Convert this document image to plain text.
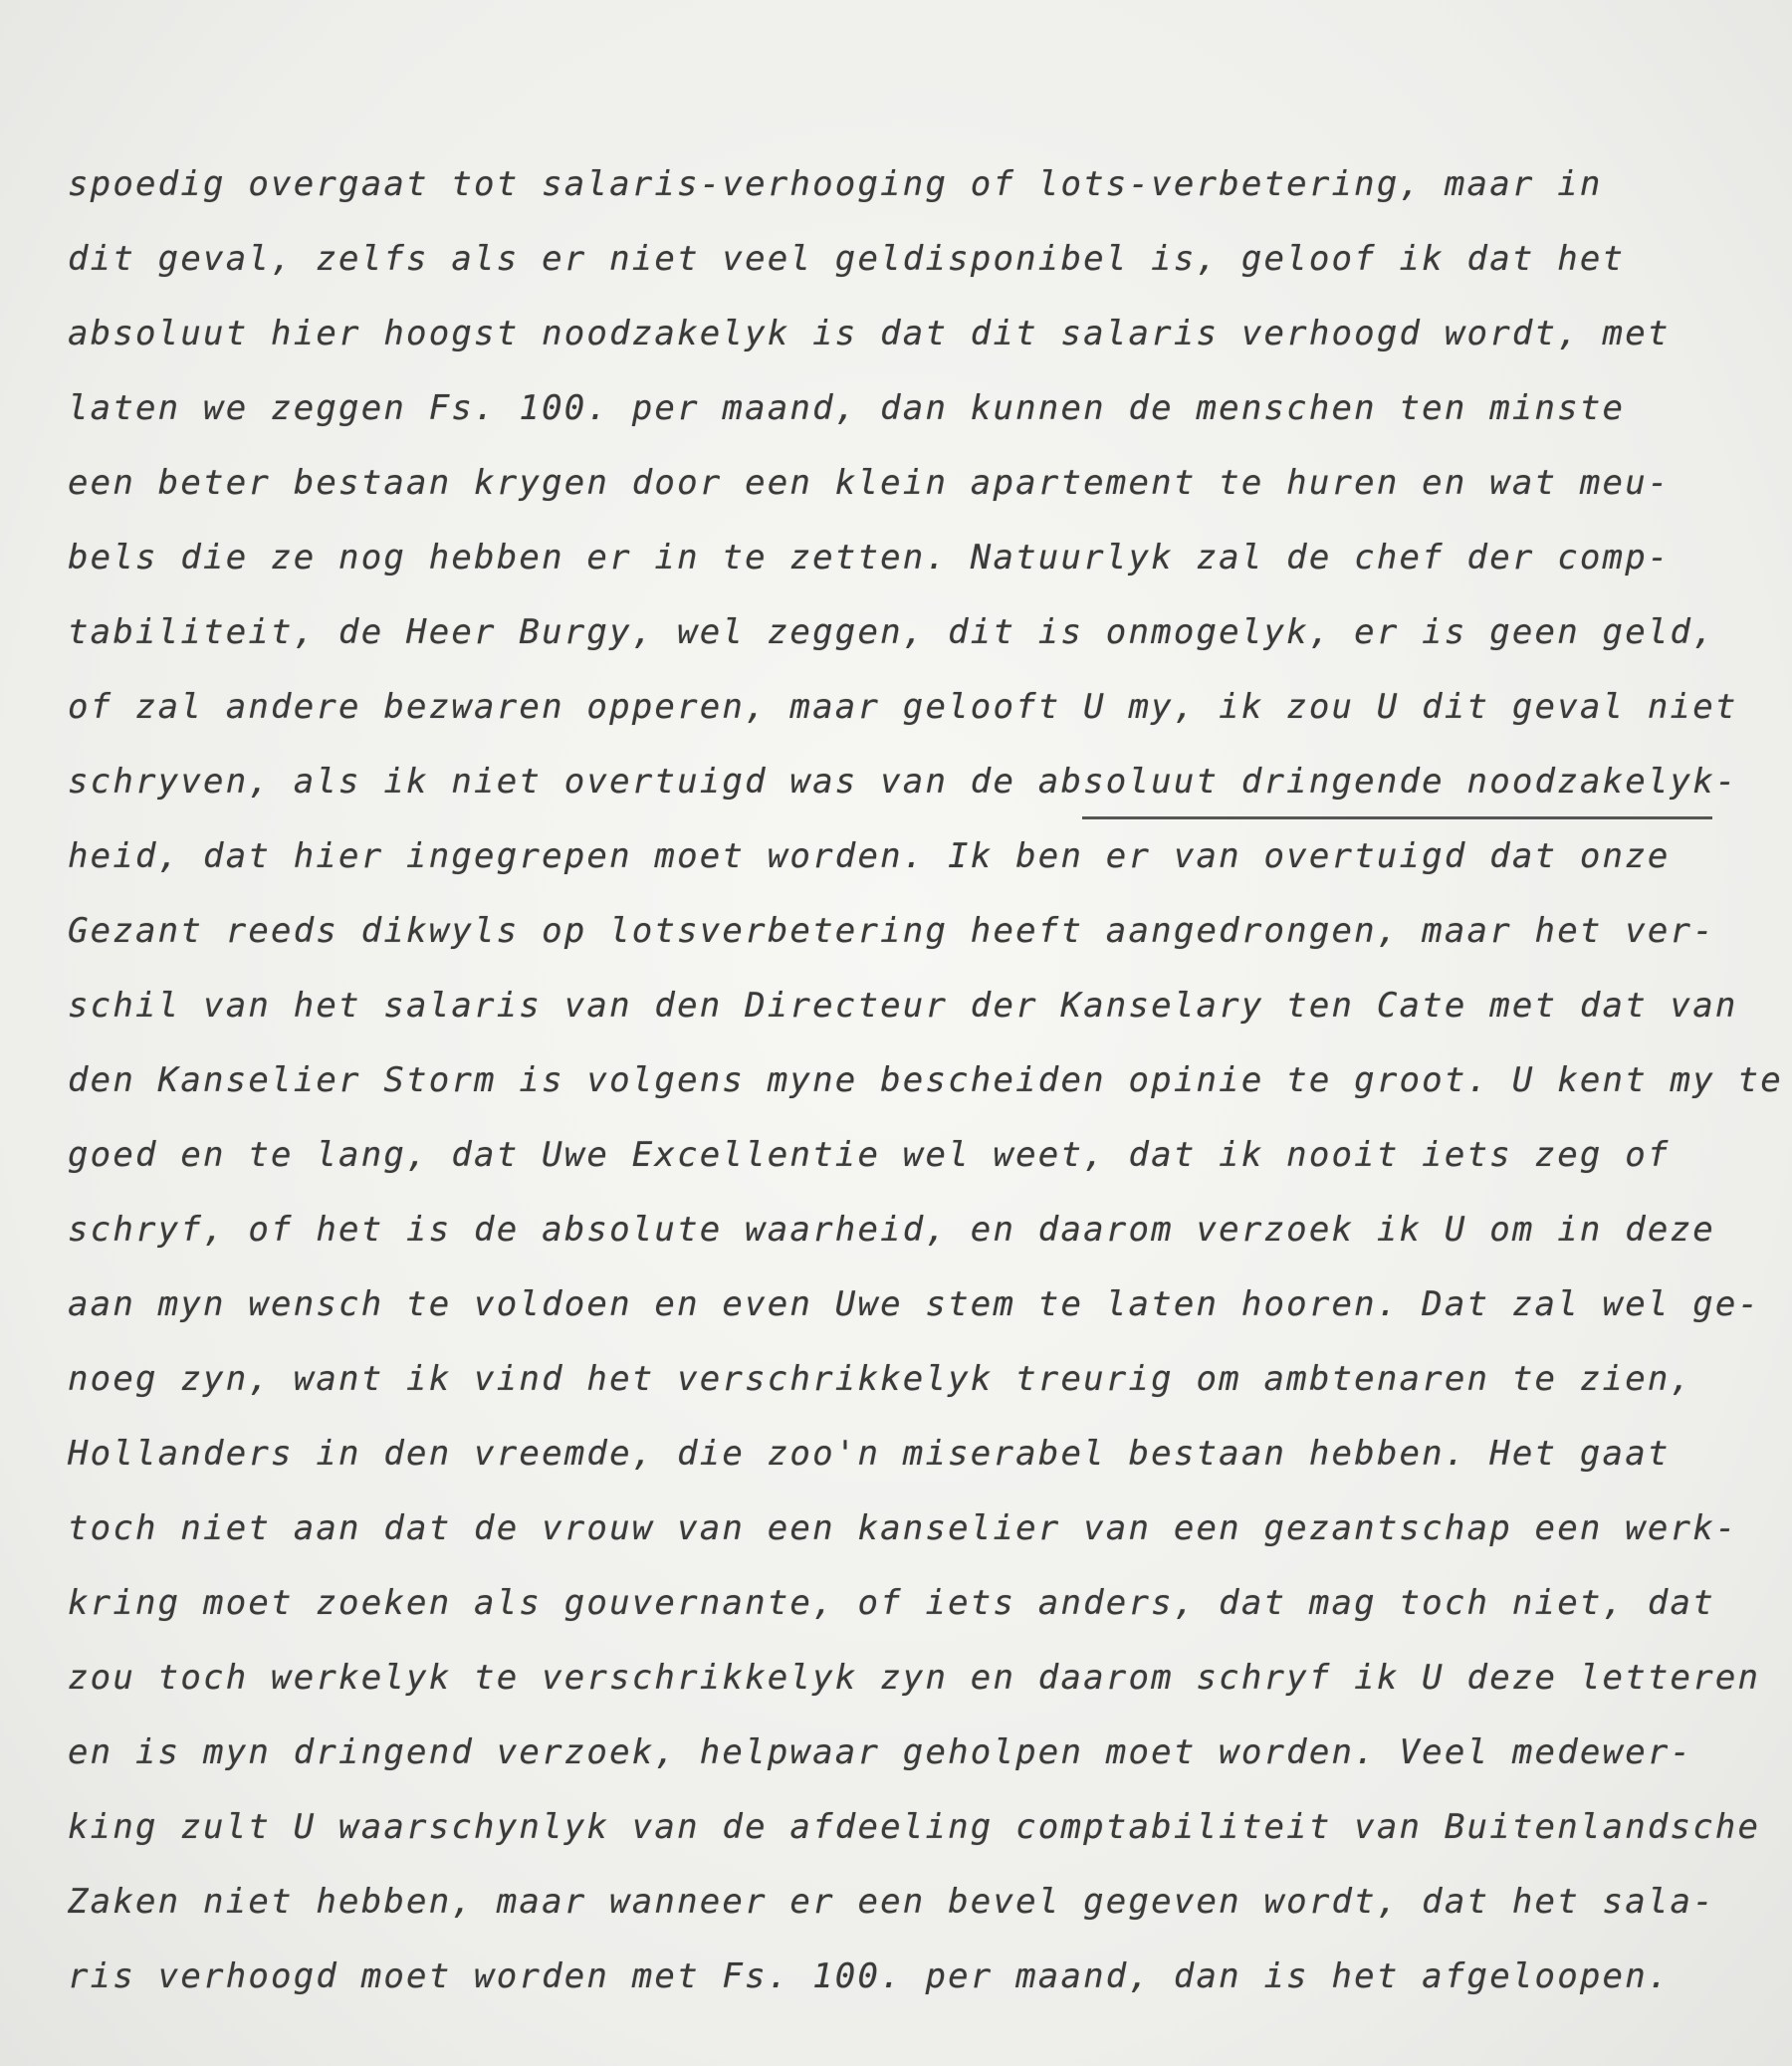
spoedig overgaat tot salaris-verhooging of lots-verbetering, maar in
dit geval, zelfs als er niet veel geldisponibel is, geloof ik dat het
absoluut hier hoogst noodzakelyk is dat dit salaris verhoogd wordt, met
laten we zeggen Fs. 100. per maand, dan kunnen de menschen ten minste
een beter bestaan krygen door een klein apartement te huren en wat meu-
bels die ze nog hebben er in te zetten. Natuurlyk zal de chef der comp-
tabiliteit, de Heer Burgy, wel zeggen, dit is onmogelyk, er is geen geld,
of zal andere bezwaren opperen, maar gelooft U my, ik zou U dit geval niet
schryven, als ik niet overtuigd was van de absoluut dringende noodzakelyk-
heid, dat hier ingegrepen moet worden. Ik ben er van overtuigd dat onze
Gezant reeds dikwyls op lotsverbetering heeft aangedrongen, maar het ver-
schil van het salaris van den Directeur der Kanselary ten Cate met dat van
den Kanselier Storm is volgens myne bescheiden opinie te groot. U kent my te
goed en te lang, dat Uwe Excellentie wel weet, dat ik nooit iets zeg of
schryf, of het is de absolute waarheid, en daarom verzoek ik U om in deze
aan myn wensch te voldoen en even Uwe stem te laten hooren. Dat zal wel ge-
noeg zyn, want ik vind het verschrikkelyk treurig om ambtenaren te zien,
Hollanders in den vreemde, die zoo'n miserabel bestaan hebben. Het gaat
toch niet aan dat de vrouw van een kanselier van een gezantschap een werk-
kring moet zoeken als gouvernante, of iets anders, dat mag toch niet, dat
zou toch werkelyk te verschrikkelyk zyn en daarom schryf ik U deze letteren
en is myn dringend verzoek, helpwaar geholpen moet worden. Veel medewer-
king zult U waarschynlyk van de afdeeling comptabiliteit van Buitenlandsche
Zaken niet hebben, maar wanneer er een bevel gegeven wordt, dat het sala-
ris verhoogd moet worden met Fs. 100. per maand, dan is het afgeloopen.
